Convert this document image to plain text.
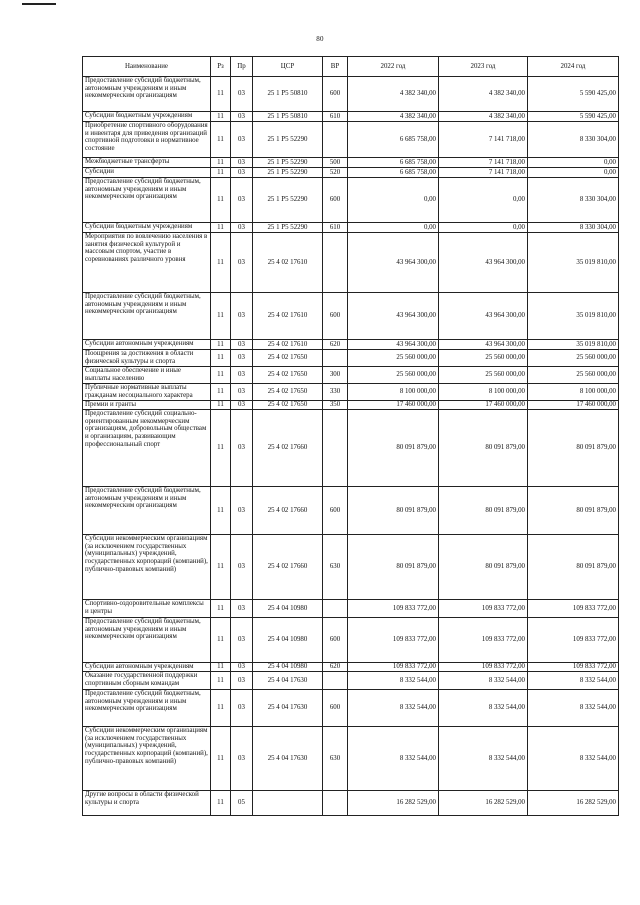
80
Наименование	Рз	Пр	ЦСР	ВР	2022 год	2023 год	2024 год
Предоставление субсидий бюджетным, автономным учреждениям и иным некоммерческим организациям	11	03	25 1 P5 50810	600	4 382 340,00	4 382 340,00	5 590 425,00
Субсидии бюджетным учреждениям	11	03	25 1 P5 50810	610	4 382 340,00	4 382 340,00	5 590 425,00
Приобретение спортивного оборудования и инвентаря для приведения организаций спортивной подготовки в нормативное состояние	11	03	25 1 P5 52290		6 685 758,00	7 141 718,00	8 330 304,00
Межбюджетные трансферты	11	03	25 1 P5 52290	500	6 685 758,00	7 141 718,00	0,00
Субсидии	11	03	25 1 P5 52290	520	6 685 758,00	7 141 718,00	0,00
Предоставление субсидий бюджетным, автономным учреждениям и иным некоммерческим организациям	11	03	25 1 P5 52290	600	0,00	0,00	8 330 304,00
Субсидии бюджетным учреждениям	11	03	25 1 P5 52290	610	0,00	0,00	8 330 304,00
Мероприятия по вовлечению населения в занятия физической культурой и массовым спортом, участие в соревнованиях различного уровня	11	03	25 4 02 17610		43 964 300,00	43 964 300,00	35 019 810,00
Предоставление субсидий бюджетным, автономным учреждениям и иным некоммерческим организациям	11	03	25 4 02 17610	600	43 964 300,00	43 964 300,00	35 019 810,00
Субсидии автономным учреждениям	11	03	25 4 02 17610	620	43 964 300,00	43 964 300,00	35 019 810,00
Поощрения за достижения в области физической культуры и спорта	11	03	25 4 02 17650		25 560 000,00	25 560 000,00	25 560 000,00
Социальное обеспечение и иные выплаты населению	11	03	25 4 02 17650	300	25 560 000,00	25 560 000,00	25 560 000,00
Публичные нормативные выплаты гражданам несоциального характера	11	03	25 4 02 17650	330	8 100 000,00	8 100 000,00	8 100 000,00
Премии и гранты	11	03	25 4 02 17650	350	17 460 000,00	17 460 000,00	17 460 000,00
Предоставление субсидий социально-ориентированным некоммерческим организациям, добровольным обществам и организациям, развивающим профессиональный спорт	11	03	25 4 02 17660		80 091 879,00	80 091 879,00	80 091 879,00
Предоставление субсидий бюджетным, автономным учреждениям и иным некоммерческим организациям	11	03	25 4 02 17660	600	80 091 879,00	80 091 879,00	80 091 879,00
Субсидии некоммерческим организациям (за исключением государственных (муниципальных) учреждений, государственных корпораций (компаний), публично-правовых компаний)	11	03	25 4 02 17660	630	80 091 879,00	80 091 879,00	80 091 879,00
Спортивно-оздоровительные комплексы и центры	11	03	25 4 04 10980		109 833 772,00	109 833 772,00	109 833 772,00
Предоставление субсидий бюджетным, автономным учреждениям и иным некоммерческим организациям	11	03	25 4 04 10980	600	109 833 772,00	109 833 772,00	109 833 772,00
Субсидии автономным учреждениям	11	03	25 4 04 10980	620	109 833 772,00	109 833 772,00	109 833 772,00
Оказание государственной поддержки спортивным сборным командам	11	03	25 4 04 17630		8 332 544,00	8 332 544,00	8 332 544,00
Предоставление субсидий бюджетным, автономным учреждениям и иным некоммерческим организациям	11	03	25 4 04 17630	600	8 332 544,00	8 332 544,00	8 332 544,00
Субсидии некоммерческим организациям (за исключением государственных (муниципальных) учреждений, государственных корпораций (компаний), публично-правовых компаний)	11	03	25 4 04 17630	630	8 332 544,00	8 332 544,00	8 332 544,00
Другие вопросы в области физической культуры и спорта	11	05			16 282 529,00	16 282 529,00	16 282 529,00
